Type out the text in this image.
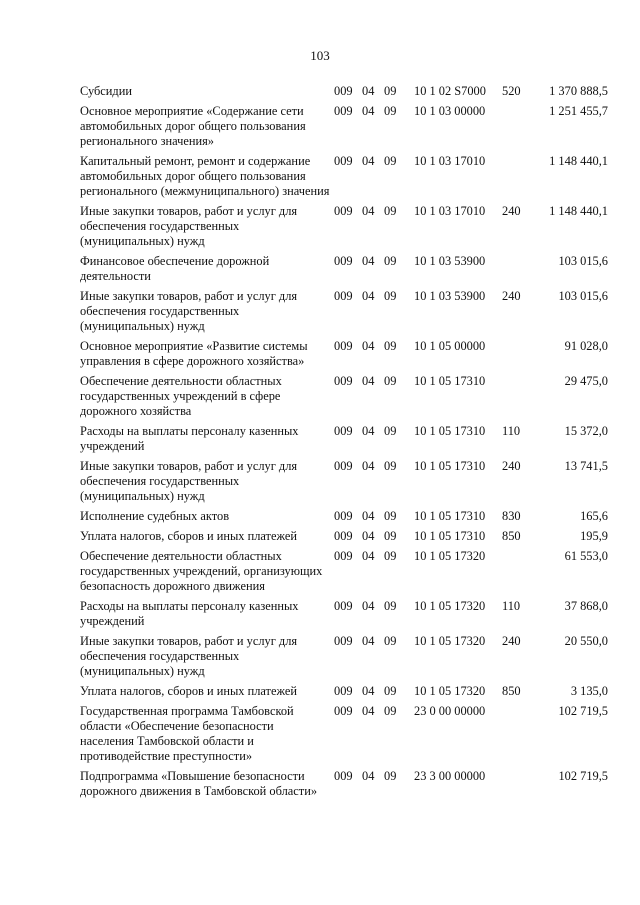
103
Субсидии	009	04	09	10 1 02 S7000	520	1 370 888,5
Основное мероприятие «Содержание сети автомобильных дорог общего пользования регионального значения»	009	04	09	10 1 03 00000		1 251 455,7
Капитальный ремонт, ремонт и содержание автомобильных дорог общего пользования регионального (межмуниципального) значения	009	04	09	10 1 03 17010		1 148 440,1
Иные закупки товаров, работ и услуг для обеспечения государственных (муниципальных) нужд	009	04	09	10 1 03 17010	240	1 148 440,1
Финансовое обеспечение дорожной деятельности	009	04	09	10 1 03 53900		103 015,6
Иные закупки товаров, работ и услуг для обеспечения государственных (муниципальных) нужд	009	04	09	10 1 03 53900	240	103 015,6
Основное мероприятие «Развитие системы управления в сфере дорожного хозяйства»	009	04	09	10 1 05 00000		91 028,0
Обеспечение деятельности областных государственных учреждений в сфере дорожного хозяйства	009	04	09	10 1 05 17310		29 475,0
Расходы на выплаты персоналу казенных учреждений	009	04	09	10 1 05 17310	110	15 372,0
Иные закупки товаров, работ и услуг для обеспечения государственных (муниципальных) нужд	009	04	09	10 1 05 17310	240	13 741,5
Исполнение судебных актов	009	04	09	10 1 05 17310	830	165,6
Уплата налогов, сборов и иных платежей	009	04	09	10 1 05 17310	850	195,9
Обеспечение деятельности областных государственных учреждений, организующих безопасность дорожного движения	009	04	09	10 1 05 17320		61 553,0
Расходы на выплаты персоналу казенных учреждений	009	04	09	10 1 05 17320	110	37 868,0
Иные закупки товаров, работ и услуг для обеспечения государственных (муниципальных) нужд	009	04	09	10 1 05 17320	240	20 550,0
Уплата налогов, сборов и иных платежей	009	04	09	10 1 05 17320	850	3 135,0
Государственная программа Тамбовской области «Обеспечение безопасности населения Тамбовской области и противодействие преступности»	009	04	09	23 0 00 00000		102 719,5
Подпрограмма «Повышение безопасности дорожного движения в Тамбовской области»	009	04	09	23 3 00 00000		102 719,5
